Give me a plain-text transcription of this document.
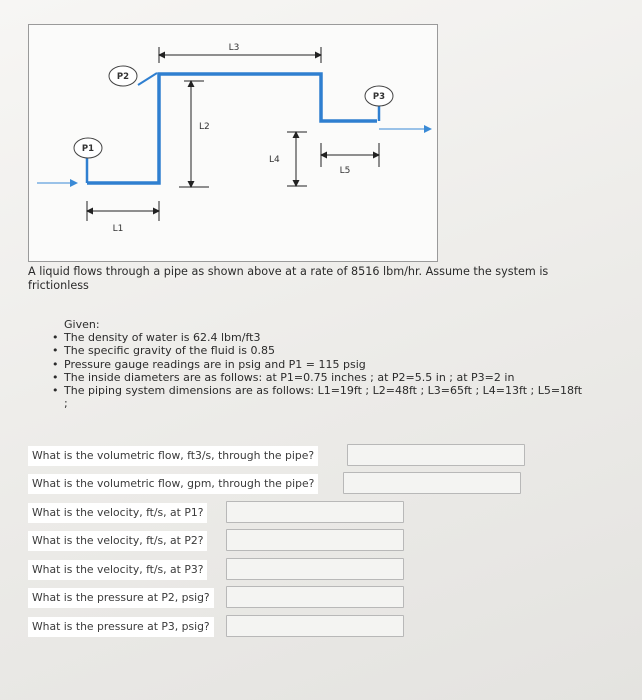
P1
P2
P3
L3
L2
L4
L5
L1
A liquid flows through a pipe as shown above at a rate of 8516 lbm/hr. Assume the system is frictionless
Given:
• The density of water is 62.4 lbm/ft3
• The specific gravity of the fluid is 0.85
• Pressure gauge readings are in psig and P1 = 115 psig
• The inside diameters are as follows: at P1=0.75 inches ; at P2=5.5 in ; at P3=2 in
• The piping system dimensions are as follows: L1=19ft ; L2=48ft ; L3=65ft ; L4=13ft ; L5=18ft
;
What is the volumetric flow, ft3/s, through the pipe?
What is the volumetric flow, gpm, through the pipe?
What is the velocity, ft/s, at P1?
What is the velocity, ft/s, at P2?
What is the velocity, ft/s, at P3?
What is the pressure at P2, psig?
What is the pressure at P3, psig?
